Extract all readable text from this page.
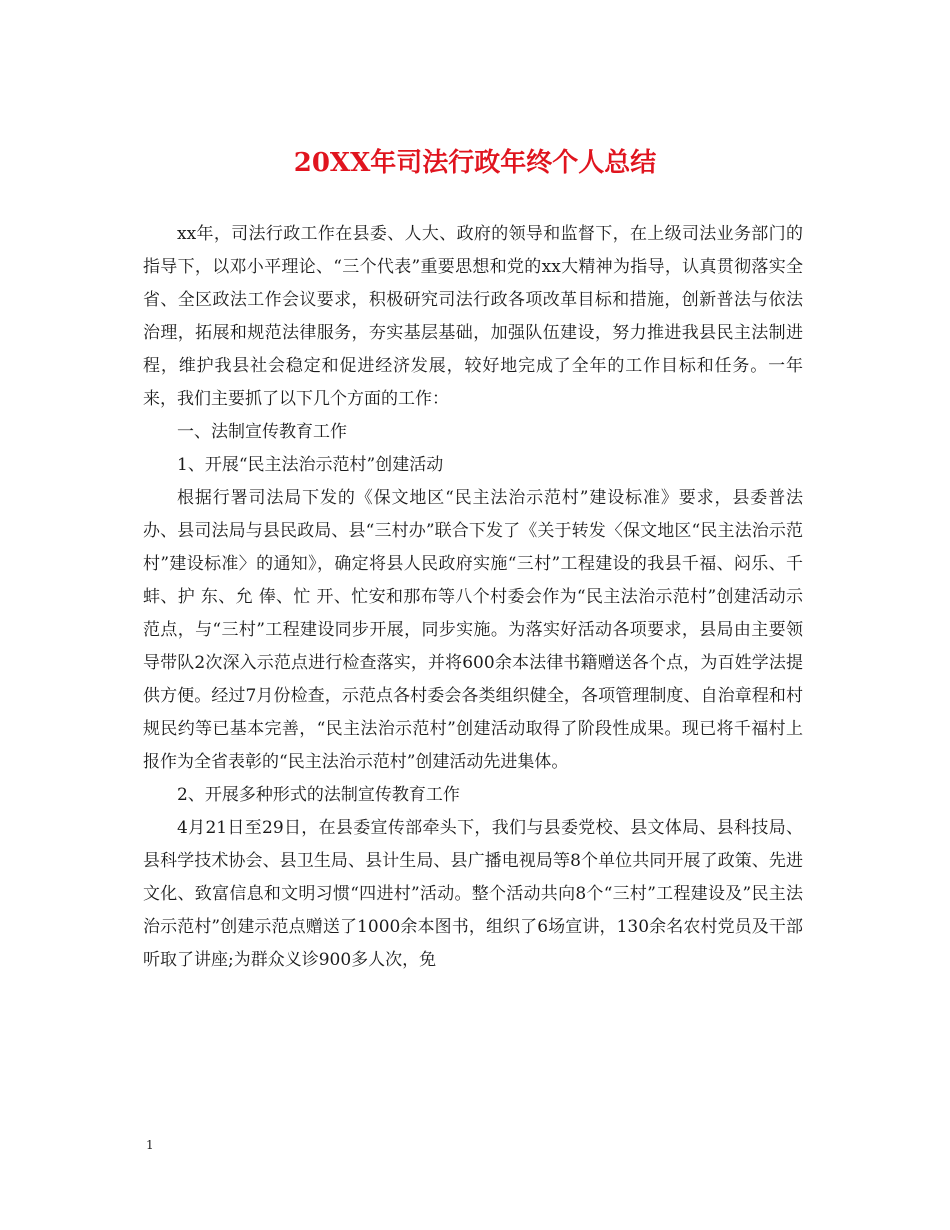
20XX年司法行政年终个人总结

xx年，司法行政工作在县委、人大、政府的领导和监督下，在上级司法业务部门的指导下，以邓小平理论、“三个代表”重要思想和党的xx大精神为指导，认真贯彻落实全省、全区政法工作会议要求，积极研究司法行政各项改革目标和措施，创新普法与依法治理，拓展和规范法律服务，夯实基层基础，加强队伍建设，努力推进我县民主法制进程，维护我县社会稳定和促进经济发展，较好地完成了全年的工作目标和任务。一年来，我们主要抓了以下几个方面的工作：

一、法制宣传教育工作

1、开展“民主法治示范村”创建活动

根据行署司法局下发的《保文地区“民主法治示范村”建设标准》要求，县委普法办、县司法局与县民政局、县“三村办”联合下发了《关于转发〈保文地区“民主法治示范村”建设标准〉的通知》，确定将县人民政府实施“三村”工程建设的我县千福、闷乐、千 蚌、护 东、允 俸、忙 开、忙安和那布等八个村委会作为“民主法治示范村”创建活动示范点，与“三村”工程建设同步开展，同步实施。为落实好活动各项要求，县局由主要领导带队2次深入示范点进行检查落实，并将600余本法律书籍赠送各个点，为百姓学法提供方便。经过7月份检查，示范点各村委会各类组织健全，各项管理制度、自治章程和村规民约等已基本完善，“民主法治示范村”创建活动取得了阶段性成果。现已将千福村上报作为全省表彰的“民主法治示范村”创建活动先进集体。

2、开展多种形式的法制宣传教育工作

4月21日至29日，在县委宣传部牵头下，我们与县委党校、县文体局、县科技局、县科学技术协会、县卫生局、县计生局、县广播电视局等8个单位共同开展了政策、先进文化、致富信息和文明习惯“四进村”活动。整个活动共向8个“三村”工程建设及”民主法治示范村”创建示范点赠送了1000余本图书，组织了6场宣讲，130余名农村党员及干部听取了讲座;为群众义诊900多人次，免

1
